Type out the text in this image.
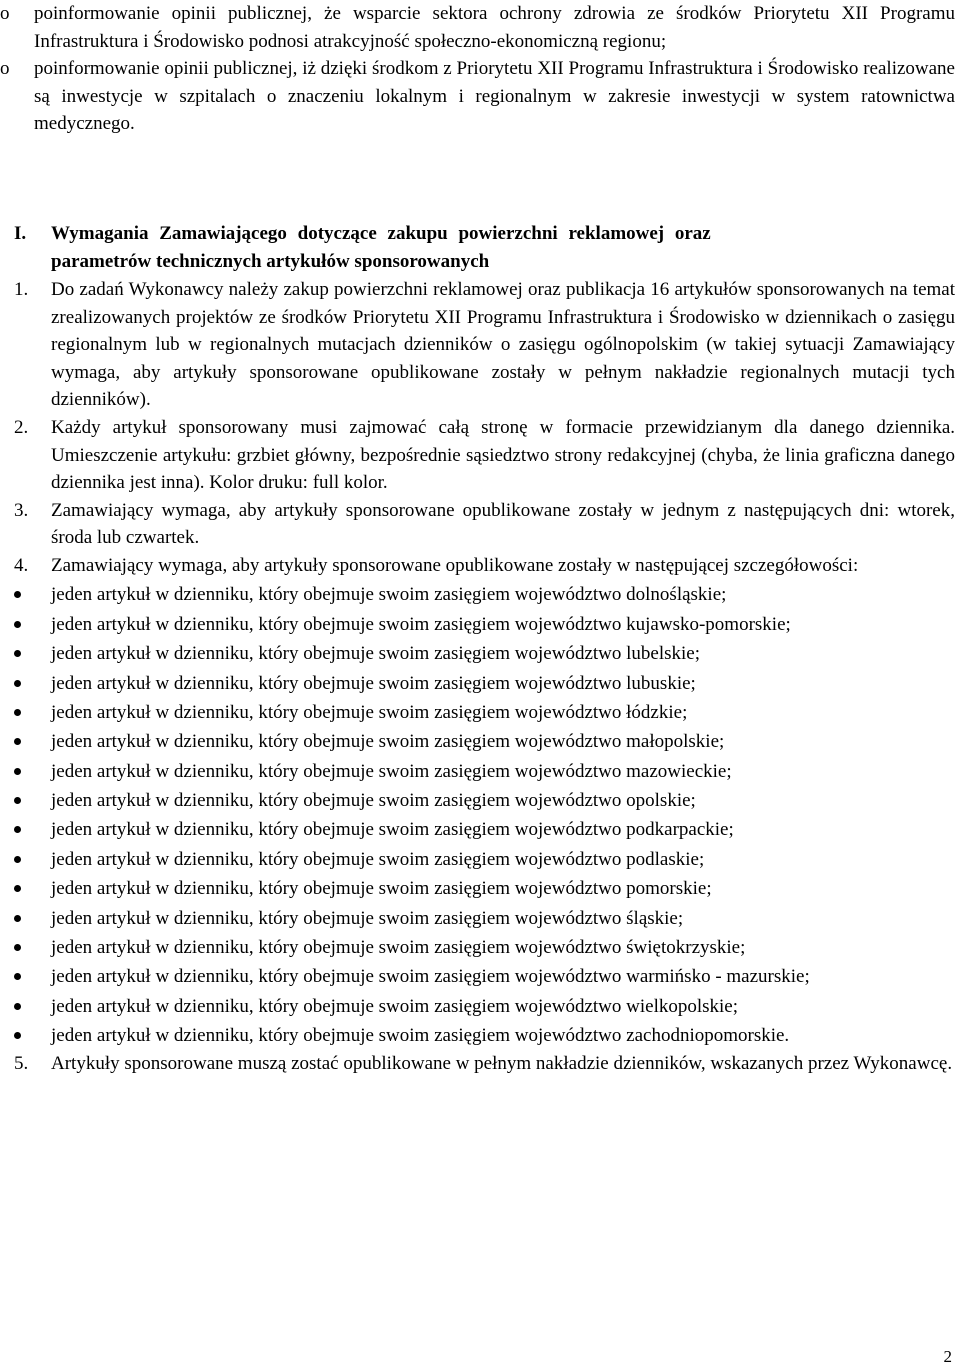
o poinformowanie opinii publicznej, że wsparcie sektora ochrony zdrowia ze środków Priorytetu XII Programu Infrastruktura i Środowisko podnosi atrakcyjność społeczno-ekonomiczną regionu;
o poinformowanie opinii publicznej, iż dzięki środkom z Priorytetu XII Programu Infrastruktura i Środowisko realizowane są inwestycje w szpitalach o znaczeniu lokalnym i regionalnym w zakresie inwestycji w system ratownictwa medycznego.
I. Wymagania Zamawiającego dotyczące zakupu powierzchni reklamowej oraz
parametrów technicznych artykułów sponsorowanych
1. Do zadań Wykonawcy należy zakup powierzchni reklamowej oraz publikacja 16 artykułów sponsorowanych na temat zrealizowanych projektów ze środków Priorytetu XII Programu Infrastruktura i Środowisko w dziennikach o zasięgu regionalnym lub w regionalnych mutacjach dzienników o zasięgu ogólnopolskim (w takiej sytuacji Zamawiający wymaga, aby artykuły sponsorowane opublikowane zostały w pełnym nakładzie regionalnych mutacji tych dzienników).
2. Każdy artykuł sponsorowany musi zajmować całą stronę w formacie przewidzianym dla danego dziennika. Umieszczenie artykułu: grzbiet główny, bezpośrednie sąsiedztwo strony redakcyjnej (chyba, że linia graficzna danego dziennika jest inna). Kolor druku: full kolor.
3. Zamawiający wymaga, aby artykuły sponsorowane opublikowane zostały w jednym z następujących dni: wtorek, środa lub czwartek.
4. Zamawiający wymaga, aby artykuły sponsorowane opublikowane zostały w następującej szczegółowości:
jeden artykuł w dzienniku, który obejmuje swoim zasięgiem województwo dolnośląskie;
jeden artykuł w dzienniku, który obejmuje swoim zasięgiem województwo kujawsko-pomorskie;
jeden artykuł w dzienniku, który obejmuje swoim zasięgiem województwo lubelskie;
jeden artykuł w dzienniku, który obejmuje swoim zasięgiem województwo lubuskie;
jeden artykuł w dzienniku, który obejmuje swoim zasięgiem województwo łódzkie;
jeden artykuł w dzienniku, który obejmuje swoim zasięgiem województwo małopolskie;
jeden artykuł w dzienniku, który obejmuje swoim zasięgiem województwo mazowieckie;
jeden artykuł w dzienniku, który obejmuje swoim zasięgiem województwo opolskie;
jeden artykuł w dzienniku, który obejmuje swoim zasięgiem województwo podkarpackie;
jeden artykuł w dzienniku, który obejmuje swoim zasięgiem województwo podlaskie;
jeden artykuł w dzienniku, który obejmuje swoim zasięgiem województwo pomorskie;
jeden artykuł w dzienniku, który obejmuje swoim zasięgiem województwo śląskie;
jeden artykuł w dzienniku, który obejmuje swoim zasięgiem województwo świętokrzyskie;
jeden artykuł w dzienniku, który obejmuje swoim zasięgiem województwo warmińsko - mazurskie;
jeden artykuł w dzienniku, który obejmuje swoim zasięgiem województwo wielkopolskie;
jeden artykuł w dzienniku, który obejmuje swoim zasięgiem województwo zachodniopomorskie.
5. Artykuły sponsorowane muszą zostać opublikowane w pełnym nakładzie dzienników, wskazanych przez Wykonawcę.
2
